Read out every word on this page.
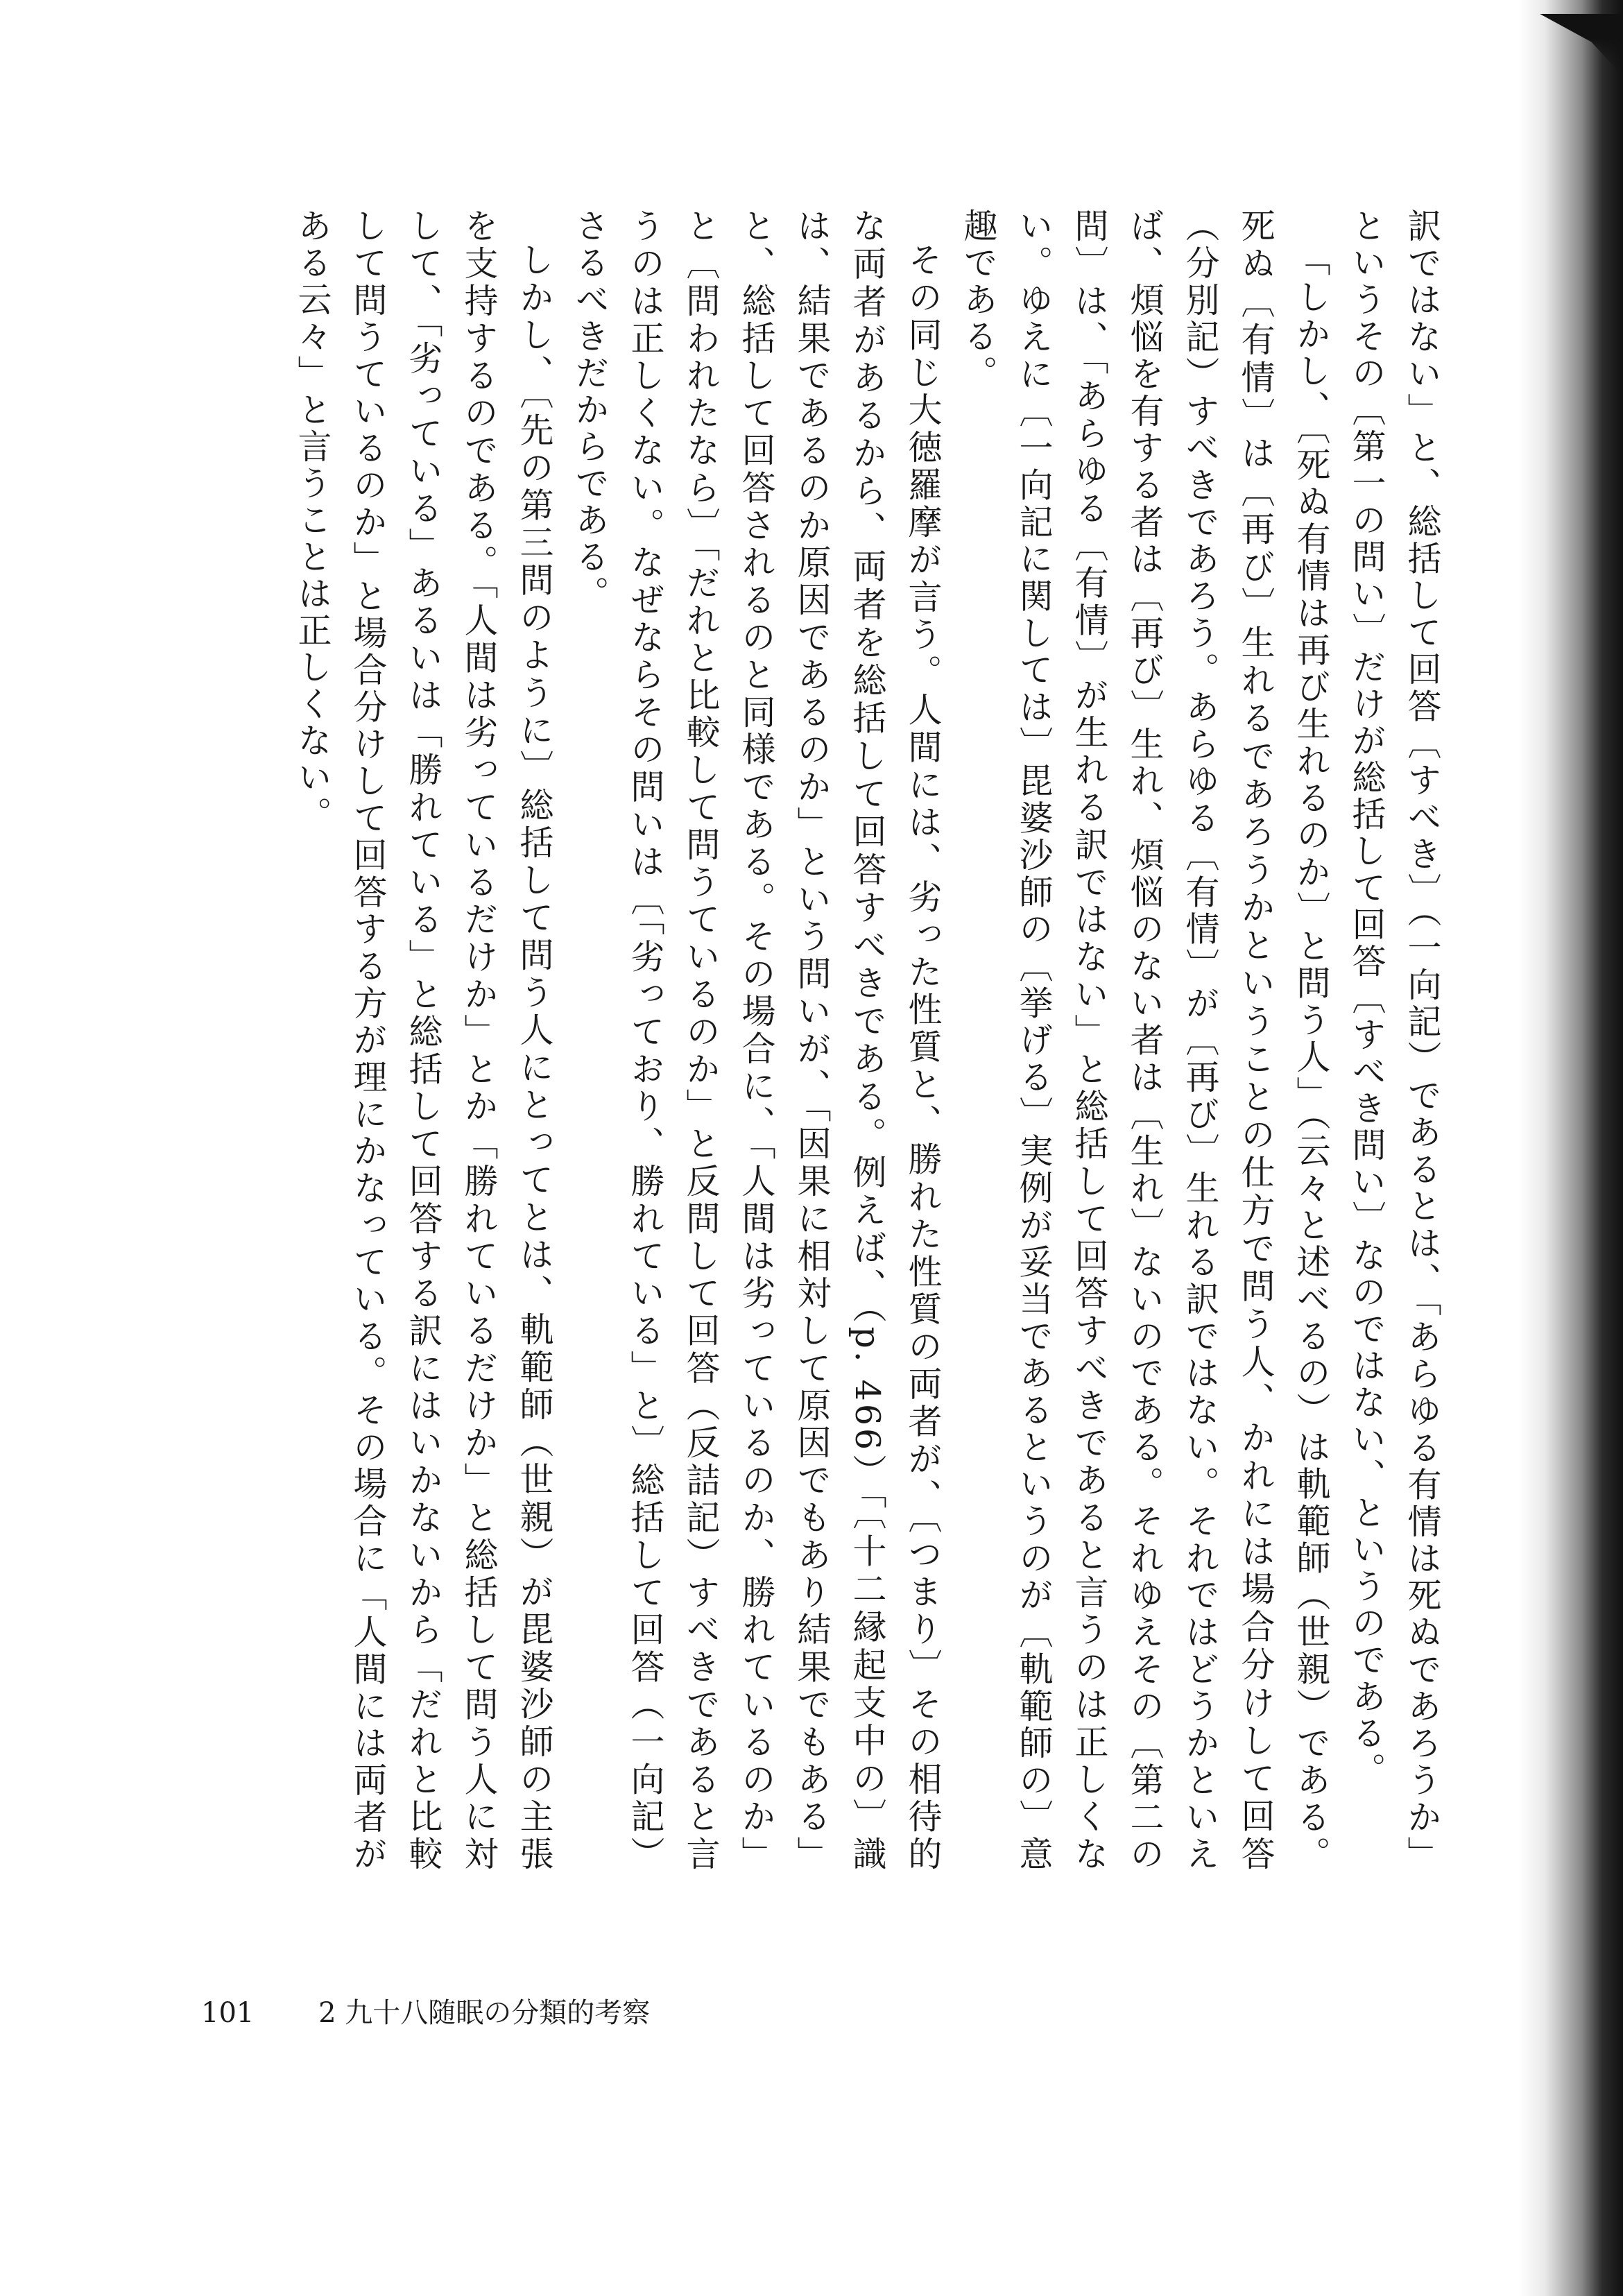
訳ではない」と、総括して回答〔すべき〕（一向記）であるとは、「あらゆる有情は死ぬであろうか」というその〔第一の問い〕だけが総括して回答〔すべき問い〕なのではない、というのである。

「しかし、〔死ぬ有情は再び生れるのか〕と問う人」（云々と述べるの）は軌範師（世親）である。死ぬ〔有情〕は〔再び〕生れるであろうかということの仕方で問う人、かれには場合分けして回答（分別記）すべきであろう。あらゆる〔有情〕が〔再び〕生れる訳ではない。それではどうかといえば、煩悩を有する者は〔再び〕生れ、煩悩のない者は〔生れ〕ないのである。それゆえその〔第二の問〕は、「あらゆる〔有情〕が生れる訳ではない」と総括して回答すべきであると言うのは正しくない。ゆえに〔一向記に関しては〕毘婆沙師の〔挙げる〕実例が妥当であるというのが〔軌範師の〕意趣である。

その同じ大徳羅摩が言う。人間には、劣った性質と、勝れた性質の両者が、〔つまり〕その相待的な両者があるから、両者を総括して回答すべきである。例えば、（p. 466）「〔十二縁起支中の〕識は、結果であるのか原因であるのか」という問いが、「因果に相対して原因でもあり結果でもある」と、総括して回答されるのと同様である。その場合に、「人間は劣っているのか、勝れているのか」と〔問われたなら〕「だれと比較して問うているのか」と反問して回答（反詰記）すべきであると言うのは正しくない。なぜならその問いは〔「劣っており、勝れている」と〕総括して回答（一向記）さるべきだからである。

しかし、〔先の第三問のように〕総括して問う人にとってとは、軌範師（世親）が毘婆沙師の主張を支持するのである。「人間は劣っているだけか」とか「勝れているだけか」と総括して問う人に対して、「劣っている」あるいは「勝れている」と総括して回答する訳にはいかないから「だれと比較して問うているのか」と場合分けして回答する方が理にかなっている。その場合に「人間には両者がある云々」と言うことは正しくない。

101 2 九十八随眠の分類的考察
